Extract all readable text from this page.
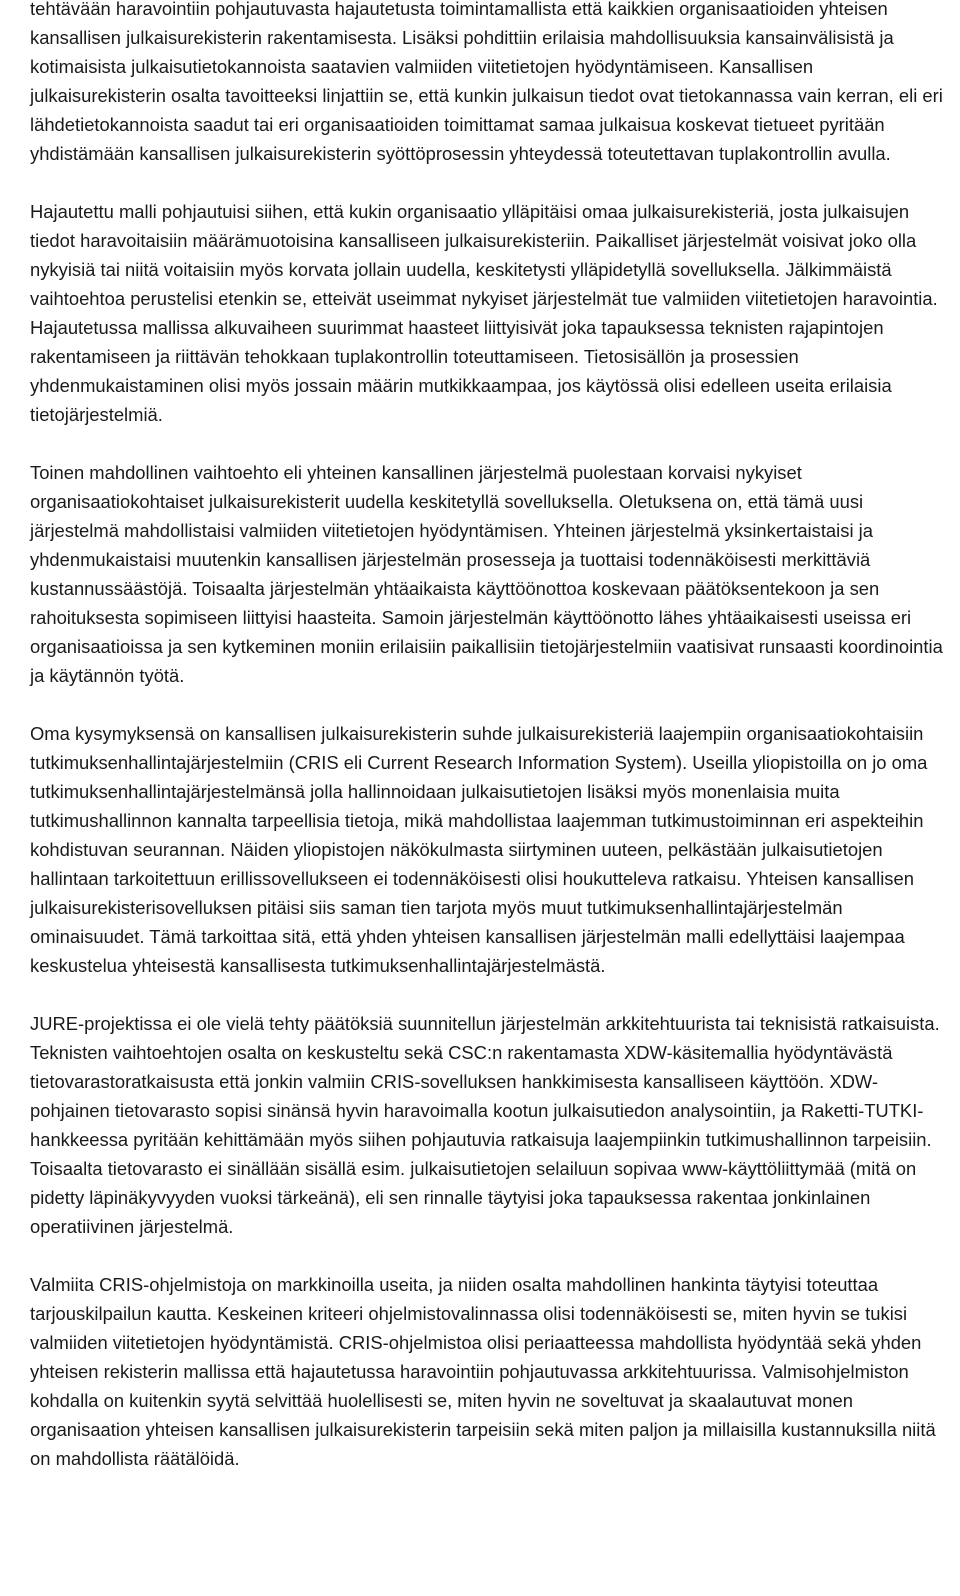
tehtävään haravointiin pohjautuvasta hajautetusta toimintamallista että kaikkien organisaatioiden yhteisen kansallisen julkaisurekisterin rakentamisesta. Lisäksi pohdittiin erilaisia mahdollisuuksia kansainvälisistä ja kotimaisista julkaisutietokannoista saatavien valmiiden viitetietojen hyödyntämiseen. Kansallisen julkaisurekisterin osalta tavoitteeksi linjattiin se, että kunkin julkaisun tiedot ovat tietokannassa vain kerran, eli eri lähdetietokannoista saadut tai eri organisaatioiden toimittamat samaa julkaisua koskevat tietueet pyritään yhdistämään kansallisen julkaisurekisterin syöttöprosessin yhteydessä toteutettavan tuplakontrollin avulla.

Hajautettu malli pohjautuisi siihen, että kukin organisaatio ylläpitäisi omaa julkaisurekisteriä, josta julkaisujen tiedot haravoitaisiin määrämuotoisina kansalliseen julkaisurekisteriin. Paikalliset järjestelmät voisivat joko olla nykyisiä tai niitä voitaisiin myös korvata jollain uudella, keskitetysti ylläpidetyllä sovelluksella. Jälkimmäistä vaihtoehtoa perustelisi etenkin se, etteivät useimmat nykyiset järjestelmät tue valmiiden viitetietojen haravointia. Hajautetussa mallissa alkuvaiheen suurimmat haasteet liittyisivät joka tapauksessa teknisten rajapintojen rakentamiseen ja riittävän tehokkaan tuplakontrollin toteuttamiseen. Tietosisällön ja prosessien yhdenmukaistaminen olisi myös jossain määrin mutkikkaampaa, jos käytössä olisi edelleen useita erilaisia tietojärjestelmiä.

Toinen mahdollinen vaihtoehto eli yhteinen kansallinen järjestelmä puolestaan korvaisi nykyiset organisaatiokohtaiset julkaisurekisterit uudella keskitetyllä sovelluksella. Oletuksena on, että tämä uusi järjestelmä mahdollistaisi valmiiden viitetietojen hyödyntämisen. Yhteinen järjestelmä yksinkertaistaisi ja yhdenmukaistaisi muutenkin kansallisen järjestelmän prosesseja ja tuottaisi todennäköisesti merkittäviä kustannussäästöjä. Toisaalta järjestelmän yhtäaikaista käyttöönottoa koskevaan päätöksentekoon ja sen rahoituksesta sopimiseen liittyisi haasteita. Samoin järjestelmän käyttöönotto lähes yhtäaikaisesti useissa eri organisaatioissa ja sen kytkeminen moniin erilaisiin paikallisiin tietojärjestelmiin vaatisivat runsaasti koordinointia ja käytännön työtä.

Oma kysymyksensä on kansallisen julkaisurekisterin suhde julkaisurekisteriä laajempiin organisaatiokohtaisiin tutkimuksenhallintajärjestelmiin (CRIS eli Current Research Information System). Useilla yliopistoilla on jo oma tutkimuksenhallintajärjestelmänsä jolla hallinnoidaan julkaisutietojen lisäksi myös monenlaisia muita tutkimushallinnon kannalta tarpeellisia tietoja, mikä mahdollistaa laajemman tutkimustoiminnan eri aspekteihin kohdistuvan seurannan. Näiden yliopistojen näkökulmasta siirtyminen uuteen, pelkästään julkaisutietojen hallintaan tarkoitettuun erillissovellukseen ei todennäköisesti olisi houkutteleva ratkaisu. Yhteisen kansallisen julkaisurekisterisovelluksen pitäisi siis saman tien tarjota myös muut tutkimuksenhallintajärjestelmän ominaisuudet. Tämä tarkoittaa sitä, että yhden yhteisen kansallisen järjestelmän malli edellyttäisi laajempaa keskustelua yhteisestä kansallisesta tutkimuksenhallintajärjestelmästä.

JURE-projektissa ei ole vielä tehty päätöksiä suunnitellun järjestelmän arkkitehtuurista tai teknisistä ratkaisuista. Teknisten vaihtoehtojen osalta on keskusteltu sekä CSC:n rakentamasta XDW-käsitemallia hyödyntävästä tietovarastoratkaisusta että jonkin valmiin CRIS-sovelluksen hankkimisesta kansalliseen käyttöön. XDW-pohjainen tietovarasto sopisi sinänsä hyvin haravoimalla kootun julkaisutiedon analysointiin, ja Raketti-TUTKI-hankkeessa pyritään kehittämään myös siihen pohjautuvia ratkaisuja laajempiinkin tutkimushallinnon tarpeisiin. Toisaalta tietovarasto ei sinällään sisällä esim. julkaisutietojen selailuun sopivaa www-käyttöliittymää (mitä on pidetty läpinäkyvyyden vuoksi tärkeänä), eli sen rinnalle täytyisi joka tapauksessa rakentaa jonkinlainen operatiivinen järjestelmä.

Valmiita CRIS-ohjelmistoja on markkinoilla useita, ja niiden osalta mahdollinen hankinta täytyisi toteuttaa tarjouskilpailun kautta. Keskeinen kriteeri ohjelmistovalinnassa olisi todennäköisesti se, miten hyvin se tukisi valmiiden viitetietojen hyödyntämistä. CRIS-ohjelmistoa olisi periaatteessa mahdollista hyödyntää sekä yhden yhteisen rekisterin mallissa että hajautetussa haravointiin pohjautuvassa arkkitehtuurissa. Valmisohjelmiston kohdalla on kuitenkin syytä selvittää huolellisesti se, miten hyvin ne soveltuvat ja skaalautuvat monen organisaation yhteisen kansallisen julkaisurekisterin tarpeisiin sekä miten paljon ja millaisilla kustannuksilla niitä on mahdollista räätälöidä.
